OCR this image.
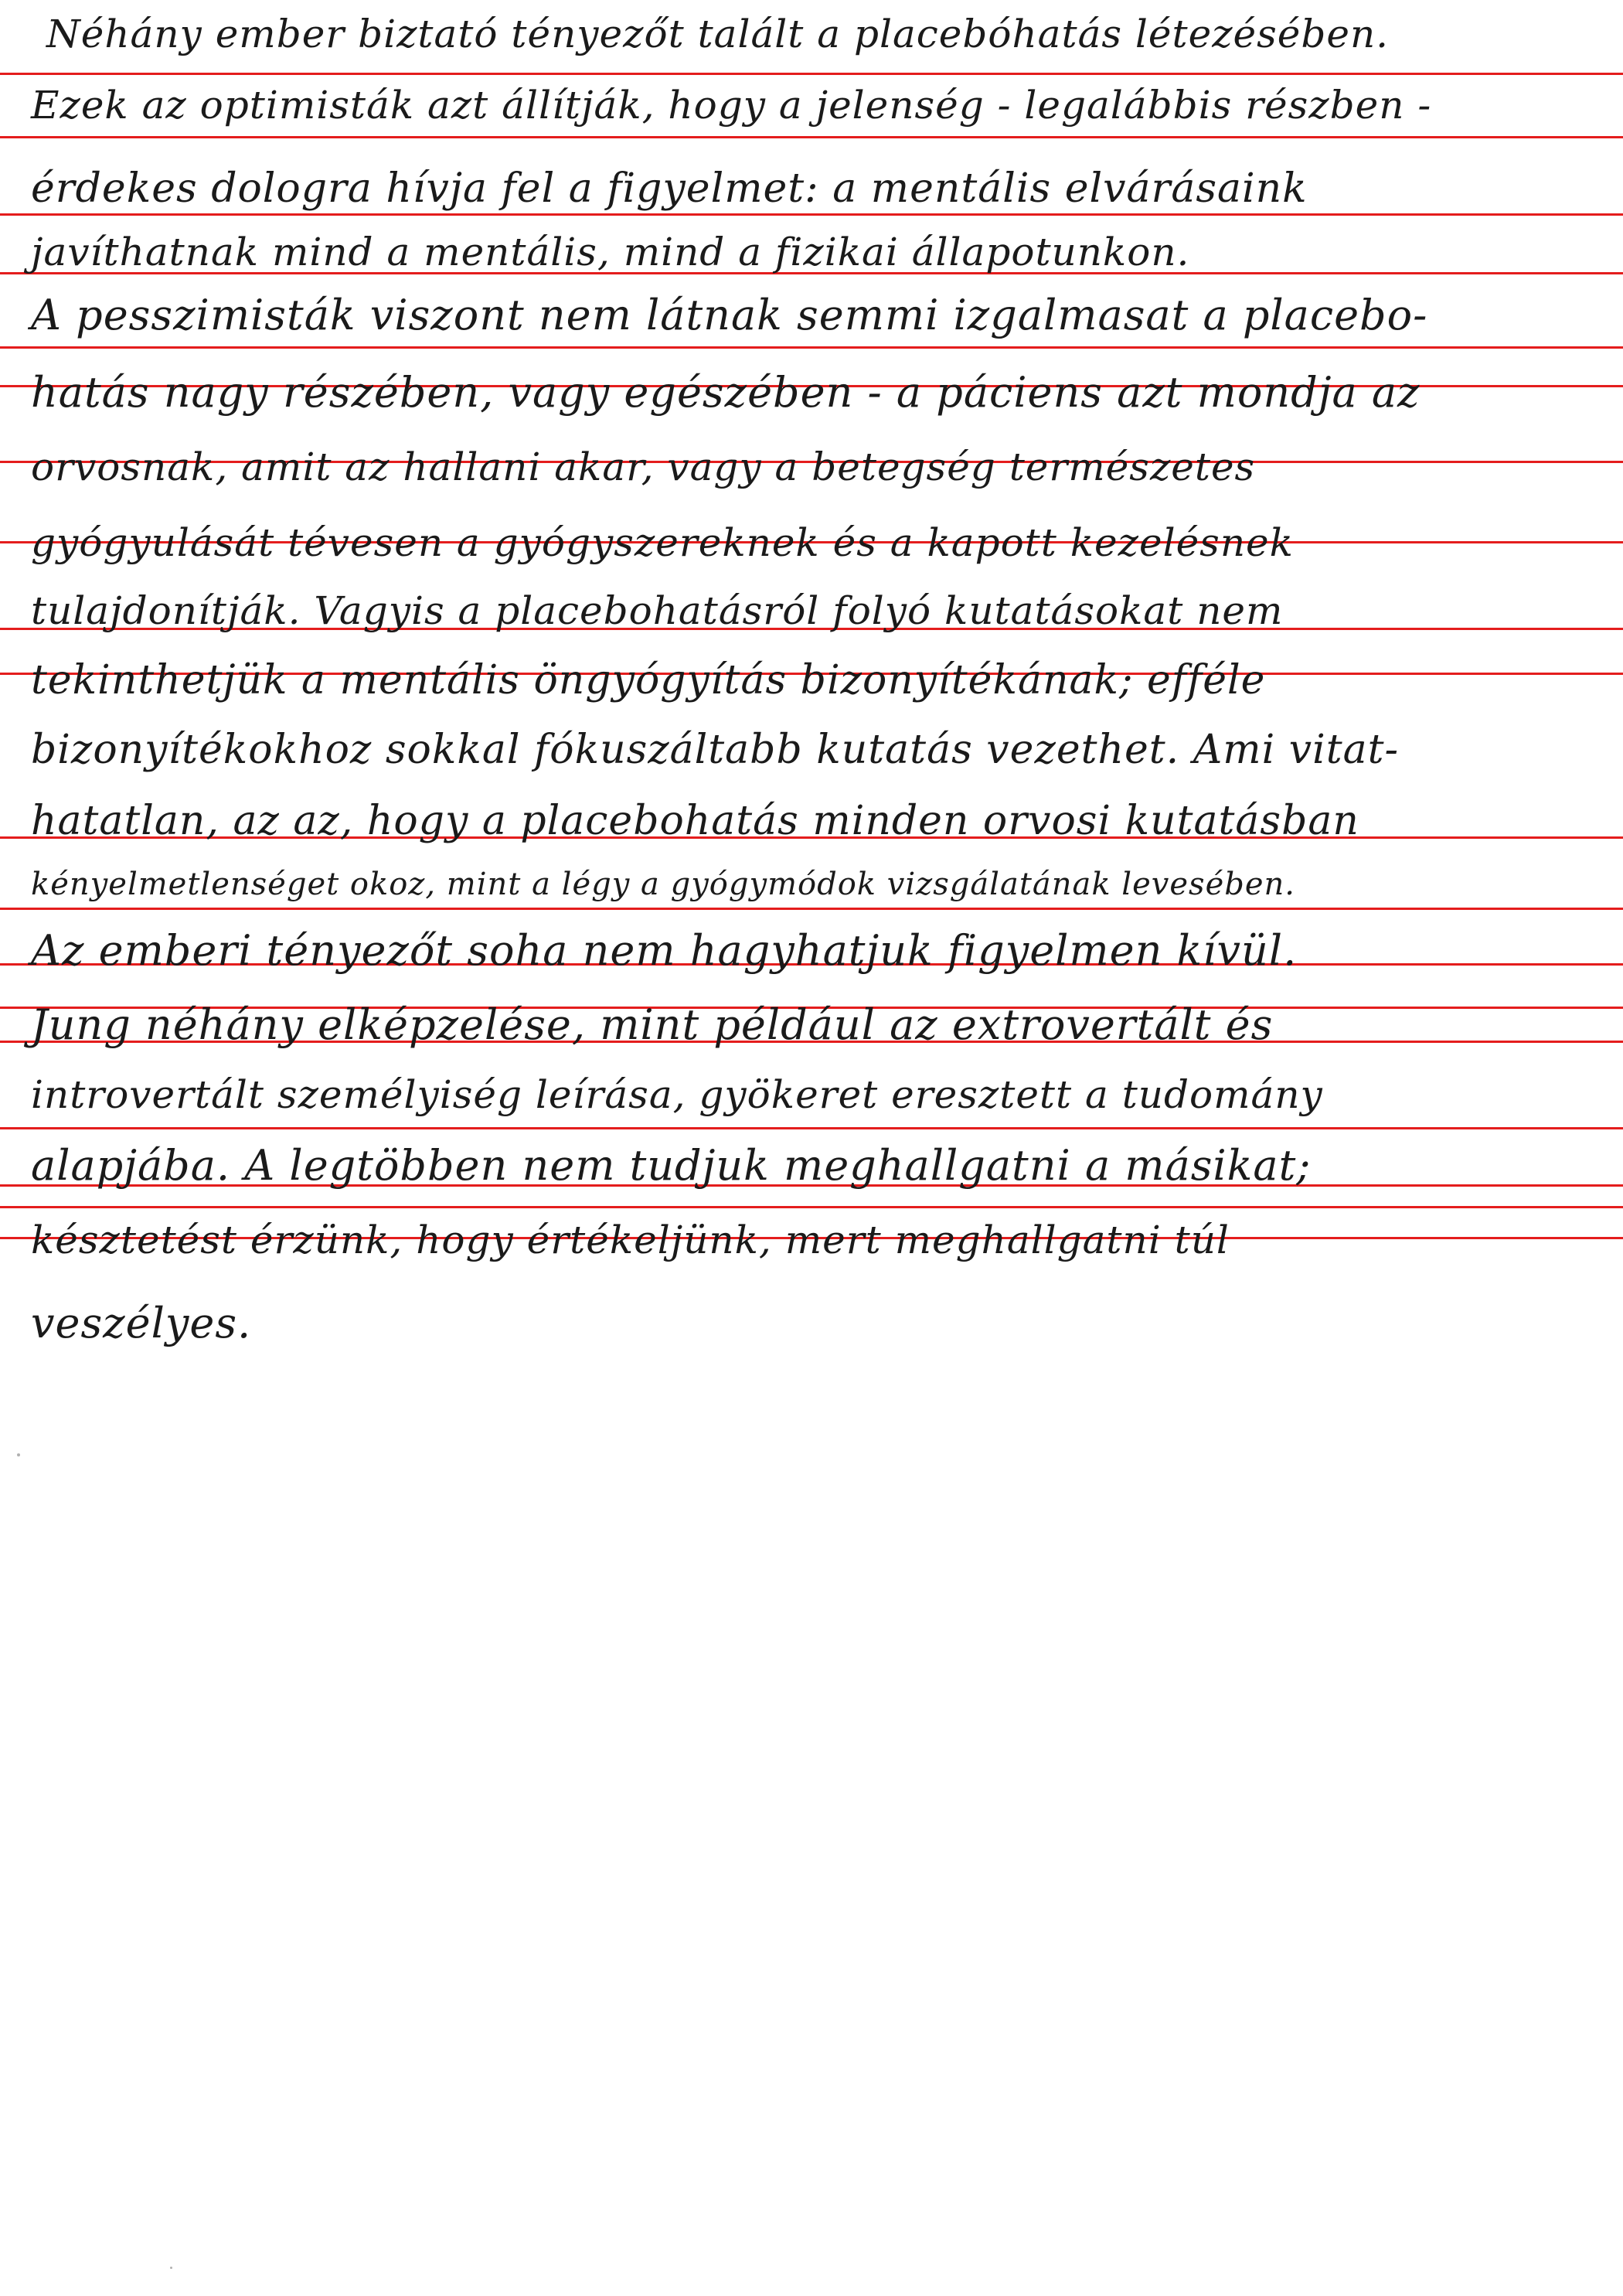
Néhány ember biztató tényezőt talált a placebóhatás létezésében.
Ezek az optimisták azt állítják, hogy a jelenség - legalábbis részben -
érdekes dologra hívja fel a figyelmet: a mentális elvárásaink
javíthatnak mind a mentális, mind a fizikai állapotunkon.
A pesszimisták viszont nem látnak semmi izgalmasat a placebo-
hatás nagy részében, vagy egészében - a páciens azt mondja az
orvosnak, amit az hallani akar, vagy a betegség természetes
gyógyulását tévesen a gyógyszereknek és a kapott kezelésnek
tulajdonítják. Vagyis a placebohatásról folyó kutatásokat nem
tekinthetjük a mentális öngyógyítás bizonyítékának; efféle
bizonyítékokhoz sokkal fókuszáltabb kutatás vezethet. Ami vitat-
hatatlan, az az, hogy a placebohatás minden orvosi kutatásban
kényelmetlenséget okoz, mint a légy a gyógymódok vizsgálatának levesében.
Az emberi tényezőt soha nem hagyhatjuk figyelmen kívül.
Jung néhány elképzelése, mint például az extrovertált és
introvertált személyiség leírása, gyökeret eresztett a tudomány
alapjába. A legtöbben nem tudjuk meghallgatni a másikat;
késztetést érzünk, hogy értékeljünk, mert meghallgatni túl
veszélyes.
